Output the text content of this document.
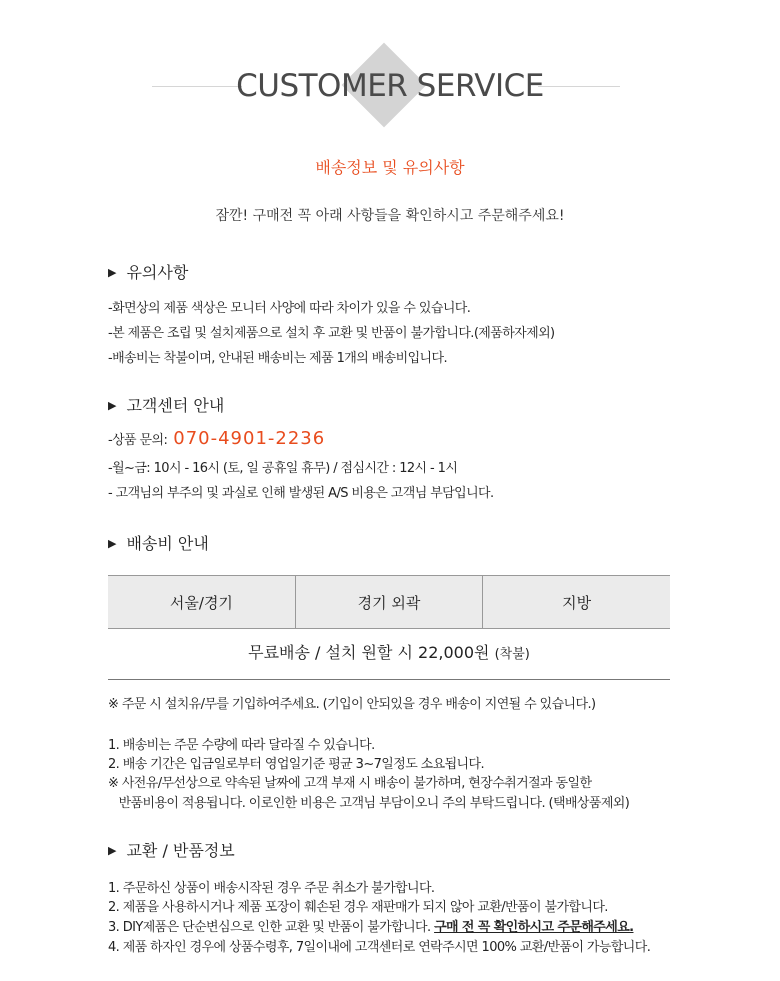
CUSTOMER SERVICE
배송정보 및 유의사항
잠깐! 구매전 꼭 아래 사항들을 확인하시고 주문해주세요!
▶ 유의사항
-화면상의 제품 색상은 모니터 사양에 따라 차이가 있을 수 있습니다.
-본 제품은 조립 및 설치제품으로 설치 후 교환 및 반품이 불가합니다.(제품하자제외)
-배송비는 착불이며, 안내된 배송비는 제품 1개의 배송비입니다.
▶ 고객센터 안내
-상품 문의: 070-4901-2236
-월~금: 10시 - 16시 (토, 일 공휴일 휴무) / 점심시간 : 12시 - 1시
- 고객님의 부주의 및 과실로 인해 발생된 A/S 비용은 고객님 부담입니다.
▶ 배송비 안내
서울/경기	경기 외곽	지방
무료배송 / 설치 원할 시 22,000원 (착불)
※ 주문 시 설치유/무를 기입하여주세요. (기입이 안되있을 경우 배송이 지연될 수 있습니다.)
1. 배송비는 주문 수량에 따라 달라질 수 있습니다.
2. 배송 기간은 입금일로부터 영업일기준 평균 3~7일정도 소요됩니다.
※ 사전유/무선상으로 약속된 날짜에 고객 부재 시 배송이 불가하며, 현장수취거절과 동일한
반품비용이 적용됩니다. 이로인한 비용은 고객님 부담이오니 주의 부탁드립니다. (택배상품제외)
▶ 교환 / 반품정보
1. 주문하신 상품이 배송시작된 경우 주문 취소가 불가합니다.
2. 제품을 사용하시거나 제품 포장이 훼손된 경우 재판매가 되지 않아 교환/반품이 불가합니다.
3. DIY제품은 단순변심으로 인한 교환 및 반품이 불가합니다. 구매 전 꼭 확인하시고 주문해주세요.
4. 제품 하자인 경우에 상품수령후, 7일이내에 고객센터로 연락주시면 100% 교환/반품이 가능합니다.
